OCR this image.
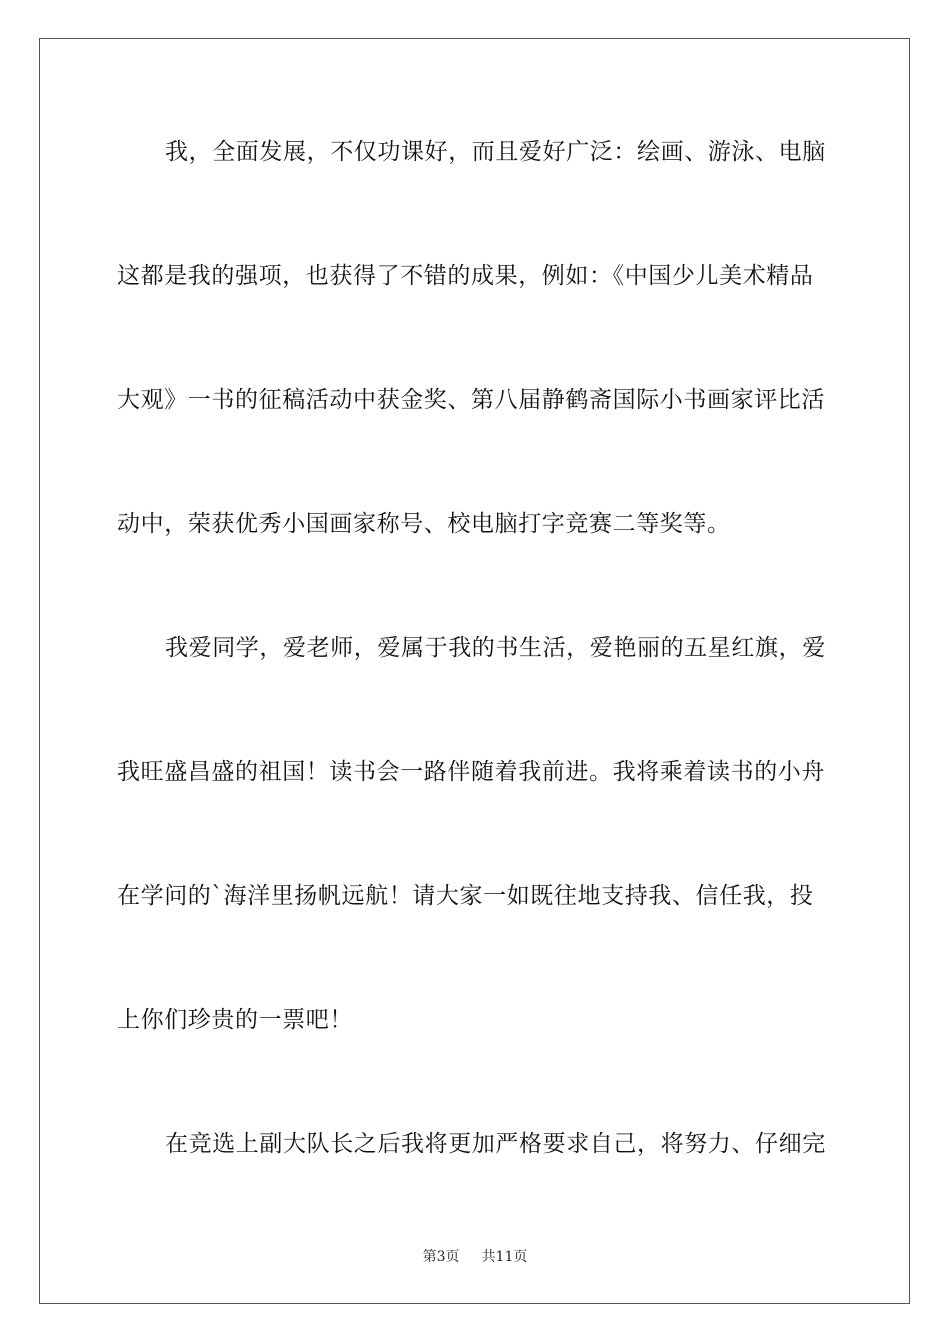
我，全面发展，不仅功课好，而且爱好广泛：绘画、游泳、电脑
这都是我的强项，也获得了不错的成果，例如：《中国少儿美术精品
大观》一书的征稿活动中获金奖、第八届静鹤斋国际小书画家评比活
动中，荣获优秀小国画家称号、校电脑打字竞赛二等奖等。
我爱同学，爱老师，爱属于我的书生活，爱艳丽的五星红旗，爱
我旺盛昌盛的祖国！读书会一路伴随着我前进。我将乘着读书的小舟
在学问的`海洋里扬帆远航！请大家一如既往地支持我、信任我，投
上你们珍贵的一票吧！
在竞选上副大队长之后我将更加严格要求自己，将努力、仔细完
第3页 共11页
